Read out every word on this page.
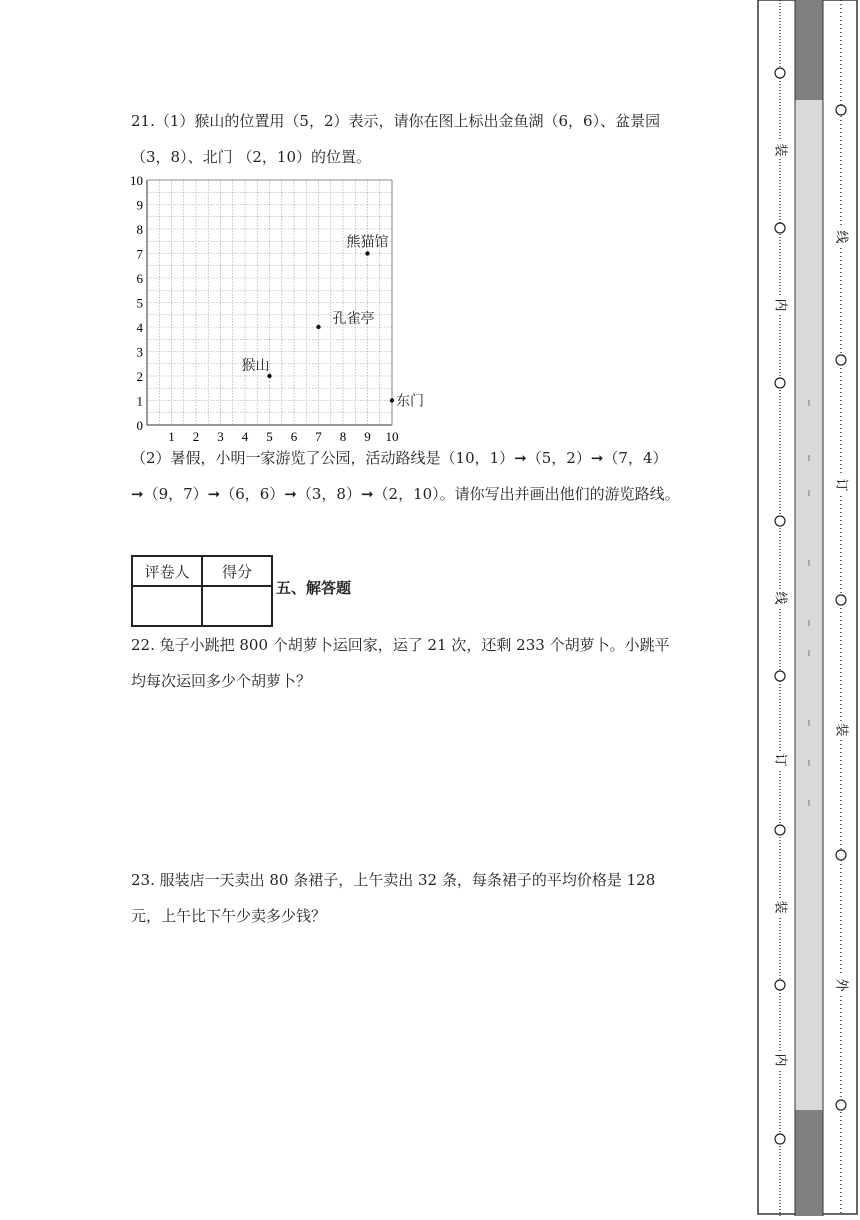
21.（1）猴山的位置用（5，2）表示，请你在图上标出金鱼湖（6，6）、盆景园
（3，8）、北门 （2，10）的位置。
1 2 3 4 5 6 7 8 9 10
0
1
2
3
4
5
6
7
8
9
10
熊猫馆
孔雀亭
猴山
东门
（2）暑假，小明一家游览了公园，活动路线是（10，1）➞（5，2）➞（7，4）
➞（9，7）➞（6，6）➞（3，8）➞（2，10）。请你写出并画出他们的游览路线。
评卷人	得分

五、解答题
22. 兔子小跳把 800 个胡萝卜运回家，运了 21 次，还剩 233 个胡萝卜。小跳平
均每次运回多少个胡萝卜？
23. 服装店一天卖出 80 条裙子，上午卖出 32 条，每条裙子的平均价格是 128
元，上午比下午少卖多少钱？
装
内
线
订
装
内
线
订
装
外
